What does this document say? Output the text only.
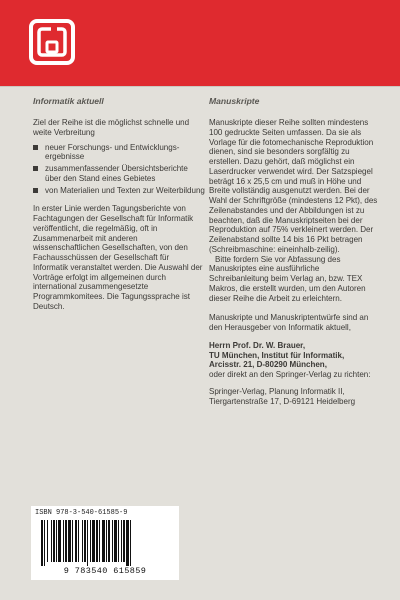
Informatik aktuell

Ziel der Reihe ist die möglichst schnelle und weite Verbreitung

neuer Forschungs- und Entwicklungs-ergebnisse
zusammenfassender Übersichtsberichte über den Stand eines Gebietes
von Materialien und Texten zur Weiterbildung

In erster Linie werden Tagungsberichte von Fachtagungen der Gesellschaft für Informatik veröffentlicht, die regelmäßig, oft in Zusammenarbeit mit anderen wissenschaftlichen Gesellschaften, von den Fachausschüssen der Gesellschaft für Informatik veranstaltet werden. Die Auswahl der Vorträge erfolgt im allgemeinen durch international zusammengesetzte Programmkomitees. Die Tagungssprache ist Deutsch.

Manuskripte

Manuskripte dieser Reihe sollten mindestens 100 gedruckte Seiten umfassen. Da sie als Vorlage für die fotomechanische Reproduktion dienen, sind sie besonders sorgfältig zu erstellen. Dazu gehört, daß möglichst ein Laserdrucker verwendet wird. Der Satzspiegel beträgt 16 x 25,5 cm und muß in Höhe und Breite vollständig ausgenutzt werden. Bei der Wahl der Schriftgröße (mindestens 12 Pkt), des Zeilenabstandes und der Abbildungen ist zu beachten, daß die Manuskriptseiten bei der Reproduktion auf 75% verkleinert werden. Der Zeilenabstand sollte 14 bis 16 Pkt betragen (Schreibmaschine: eineinhalb-zeilig).

Bitte fordern Sie vor Abfassung des Manuskriptes eine ausführliche Schreibanleitung beim Verlag an, bzw. TEX Makros, die erstellt wurden, um den Autoren dieser Reihe die Arbeit zu erleichtern.

Manuskripte und Manuskriptentwürfe sind an den Herausgeber von Informatik aktuell,

Herrn Prof. Dr. W. Brauer,
TU München, Institut für Informatik,
Arcisstr. 21, D-80290 München,

oder direkt an den Springer-Verlag zu richten:

Springer-Verlag, Planung Informatik II,
Tiergartenstraße 17, D-69121 Heidelberg
ISBN 978-3-540-61585-9
9 783540 615859
